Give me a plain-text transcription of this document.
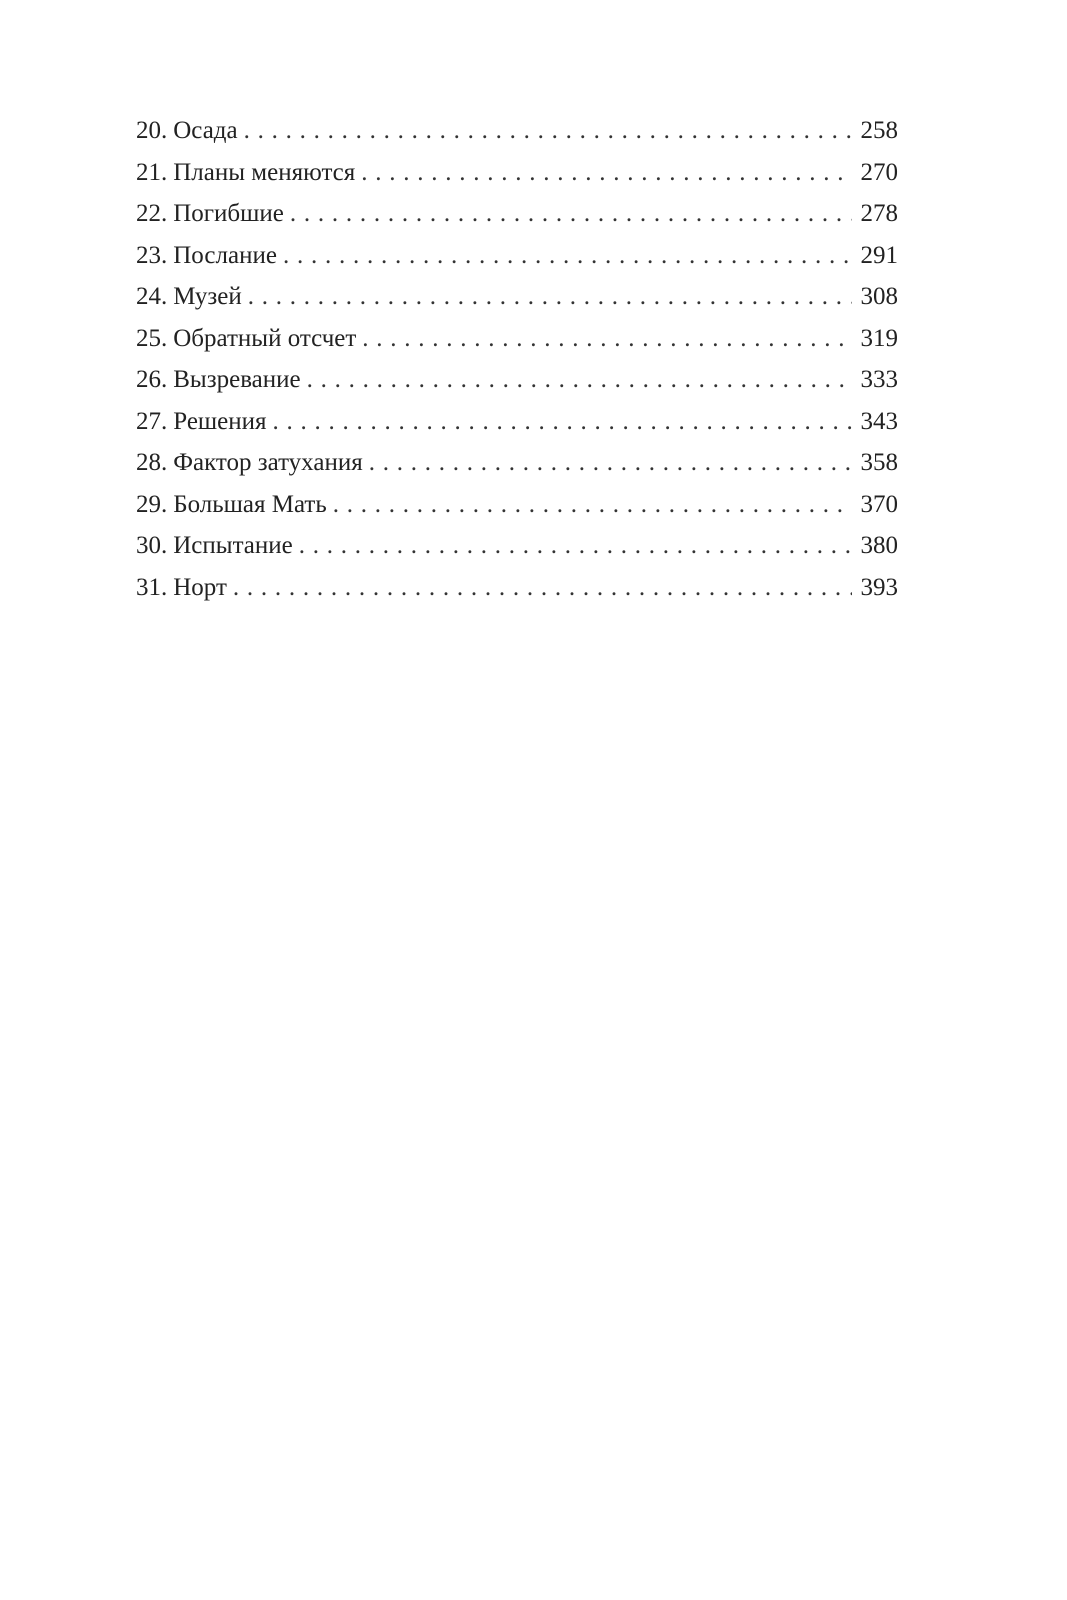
20. Осада . . .	258
21. Планы меняются . . .	270
22. Погибшие . . .	278
23. Послание . . .	291
24. Музей . . .	308
25. Обратный отсчет . . .	319
26. Вызревание . . .	333
27. Решения . . .	343
28. Фактор затухания . . .	358
29. Большая Мать . . .	370
30. Испытание . . .	380
31. Норт . . .	393
